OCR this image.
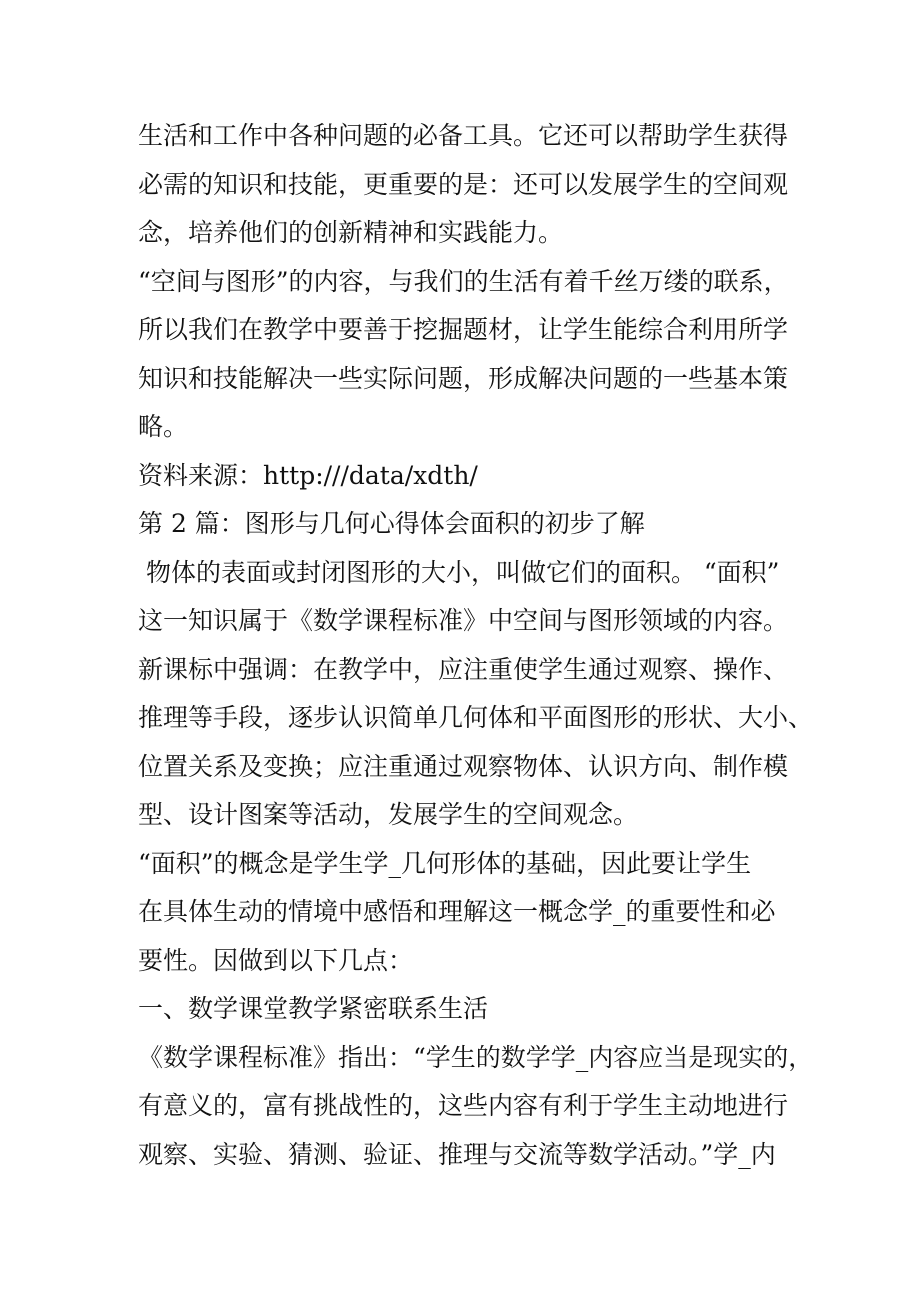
生活和工作中各种问题的必备工具。它还可以帮助学生获得
必需的知识和技能，更重要的是：还可以发展学生的空间观
念，培养他们的创新精神和实践能力。
“空间与图形”的内容，与我们的生活有着千丝万缕的联系，
所以我们在教学中要善于挖掘题材，让学生能综合利用所学
知识和技能解决一些实际问题，形成解决问题的一些基本策
略。
资料来源：http:///data/xdth/
第 2 篇：图形与几何心得体会面积的初步了解
物体的表面或封闭图形的大小，叫做它们的面积。 “面积”
这一知识属于《数学课程标准》中空间与图形领域的内容。
新课标中强调：在教学中，应注重使学生通过观察、操作、
推理等手段，逐步认识简单几何体和平面图形的形状、大小、
位置关系及变换；应注重通过观察物体、认识方向、制作模
型、设计图案等活动，发展学生的空间观念。
“面积”的概念是学生学_几何形体的基础，因此要让学生
在具体生动的情境中感悟和理解这一概念学_的重要性和必
要性。因做到以下几点：
一、数学课堂教学紧密联系生活
《数学课程标准》指出：“学生的数学学_内容应当是现实的，
有意义的，富有挑战性的，这些内容有利于学生主动地进行
观察、实验、猜测、验证、推理与交流等数学活动。”学_内
